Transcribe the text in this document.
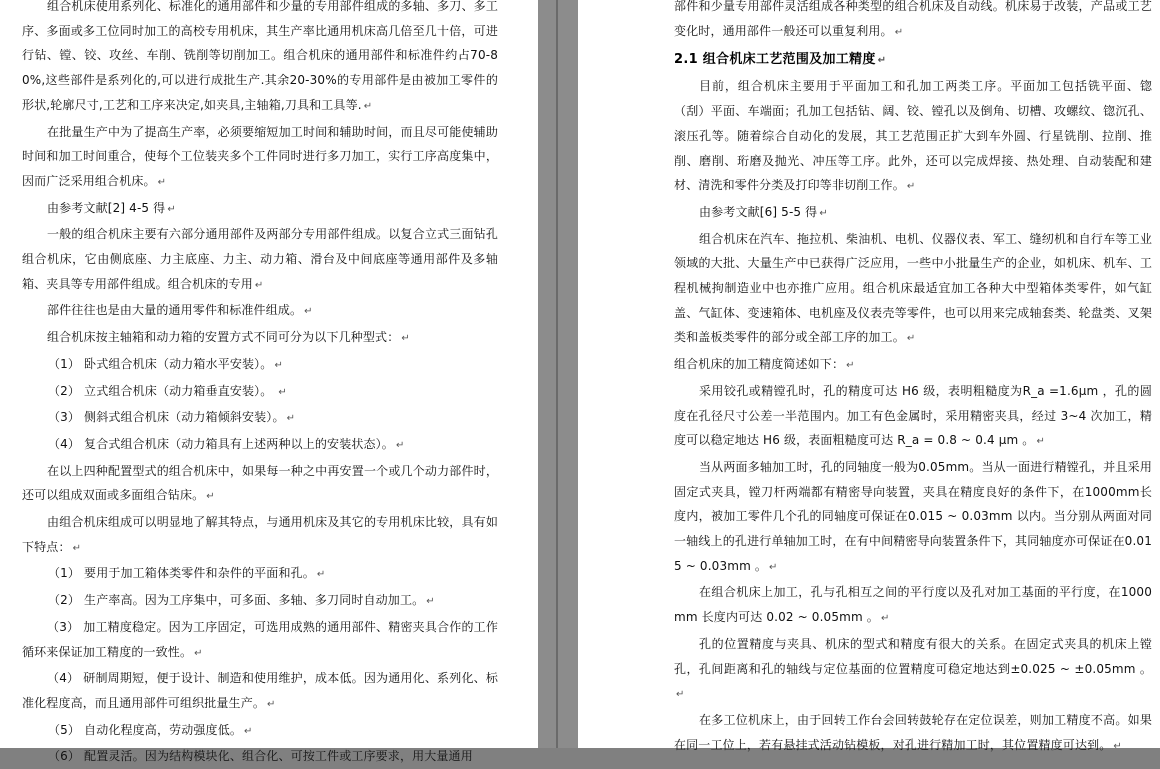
组合机床使用系列化、标准化的通用部件和少量的专用部件组成的多轴、多刀、多工序、多面或多工位同时加工的高校专用机床，其生产率比通用机床高几倍至几十倍，可进行钻、镗、铰、攻丝、车削、铣削等切削加工。组合机床的通用部件和标准件约占70-80%,这些部件是系列化的,可以进行成批生产.其余20-30%的专用部件是由被加工零件的形状,轮廓尺寸,工艺和工序来决定,如夹具,主轴箱,刀具和工具等. ↵

在批量生产中为了提高生产率，必须要缩短加工时间和辅助时间，而且尽可能使辅助时间和加工时间重合，使每个工位装夹多个工件同时进行多刀加工，实行工序高度集中，因而广泛采用组合机床。 ↵

由参考文献[2] 4-5 得 ↵

一般的组合机床主要有六部分通用部件及两部分专用部件组成。以复合立式三面钻孔组合机床，它由侧底座、力主底座、力主、动力箱、滑台及中间底座等通用部件及多轴箱、夹具等专用部件组成。组合机床的专用 ↵

部件往往也是由大量的通用零件和标准件组成。 ↵

组合机床按主轴箱和动力箱的安置方式不同可分为以下几种型式： ↵

（1） 卧式组合机床（动力箱水平安装）。 ↵

（2） 立式组合机床（动力箱垂直安装）。 ↵

（3） 侧斜式组合机床（动力箱倾斜安装）。 ↵

（4） 复合式组合机床（动力箱具有上述两种以上的安装状态）。 ↵

在以上四种配置型式的组合机床中，如果每一种之中再安置一个或几个动力部件时，还可以组成双面或多面组合钻床。 ↵

由组合机床组成可以明显地了解其特点，与通用机床及其它的专用机床比较，具有如下特点： ↵

（1） 要用于加工箱体类零件和杂件的平面和孔。 ↵

（2） 生产率高。因为工序集中，可多面、多轴、多刀同时自动加工。 ↵

（3） 加工精度稳定。因为工序固定，可选用成熟的通用部件、精密夹具合作的工作循环来保证加工精度的一致性。 ↵

（4） 研制周期短，便于设计、制造和使用维护，成本低。因为通用化、系列化、标准化程度高，而且通用部件可组织批量生产。 ↵

（5） 自动化程度高，劳动强度低。 ↵

（6） 配置灵活。因为结构模块化、组合化、可按工件或工序要求，用大量通用

部件和少量专用部件灵活组成各种类型的组合机床及自动线。机床易于改装，产品或工艺变化时，通用部件一般还可以重复利用。 ↵

2.1 组合机床工艺范围及加工精度 ↵

目前，组合机床主要用于平面加工和孔加工两类工序。平面加工包括铣平面、锪（刮）平面、车端面；孔加工包括钻、阔、铰、镗孔以及倒角、切槽、攻螺纹、锪沉孔、滚压孔等。随着综合自动化的发展，其工艺范围正扩大到车外圆、行星铣削、拉削、推削、磨削、珩磨及抛光、冲压等工序。此外，还可以完成焊接、热处理、自动装配和建材、清洗和零件分类及打印等非切削工作。 ↵

由参考文献[6] 5-5 得 ↵

组合机床在汽车、拖拉机、柴油机、电机、仪器仪表、军工、缝纫机和自行车等工业领域的大批、大量生产中已获得广泛应用，一些中小批量生产的企业，如机床、机车、工程机械拘制造业中也亦推广应用。组合机床最适宜加工各种大中型箱体类零件，如气缸盖、气缸体、变速箱体、电机座及仪表壳等零件，也可以用来完成轴套类、轮盘类、叉架类和盖板类零件的部分或全部工序的加工。 ↵

组合机床的加工精度简述如下： ↵

采用铰孔或精镗孔时，孔的精度可达 H6 级，表明粗糙度为R_a =1.6μm ，孔的圆度在孔径尺寸公差一半范围内。加工有色金属时，采用精密夹具，经过 3~4 次加工，精度可以稳定地达 H6 级，表面粗糙度可达 R_a = 0.8 ~ 0.4 μm 。 ↵

当从两面多轴加工时，孔的同轴度一般为0.05mm。当从一面进行精镗孔，并且采用固定式夹具，镗刀杆两端都有精密导向装置，夹具在精度良好的条件下，在1000mm长度内，被加工零件几个孔的同轴度可保证在0.015 ~ 0.03mm 以内。当分别从两面对同一轴线上的孔进行单轴加工时，在有中间精密导向装置条件下，其同轴度亦可保证在0.015 ~ 0.03mm 。 ↵

在组合机床上加工，孔与孔相互之间的平行度以及孔对加工基面的平行度，在1000mm 长度内可达 0.02 ~ 0.05mm 。 ↵

孔的位置精度与夹具、机床的型式和精度有很大的关系。在固定式夹具的机床上镗孔，孔间距离和孔的轴线与定位基面的位置精度可稳定地达到±0.025 ~ ±0.05mm 。↵

在多工位机床上，由于回转工作台会回转鼓轮存在定位误差，则加工精度不高。如果在同一工位上，若有悬挂式活动钻模板，对孔进行精加工时，其位置精度可达到。 ↵
